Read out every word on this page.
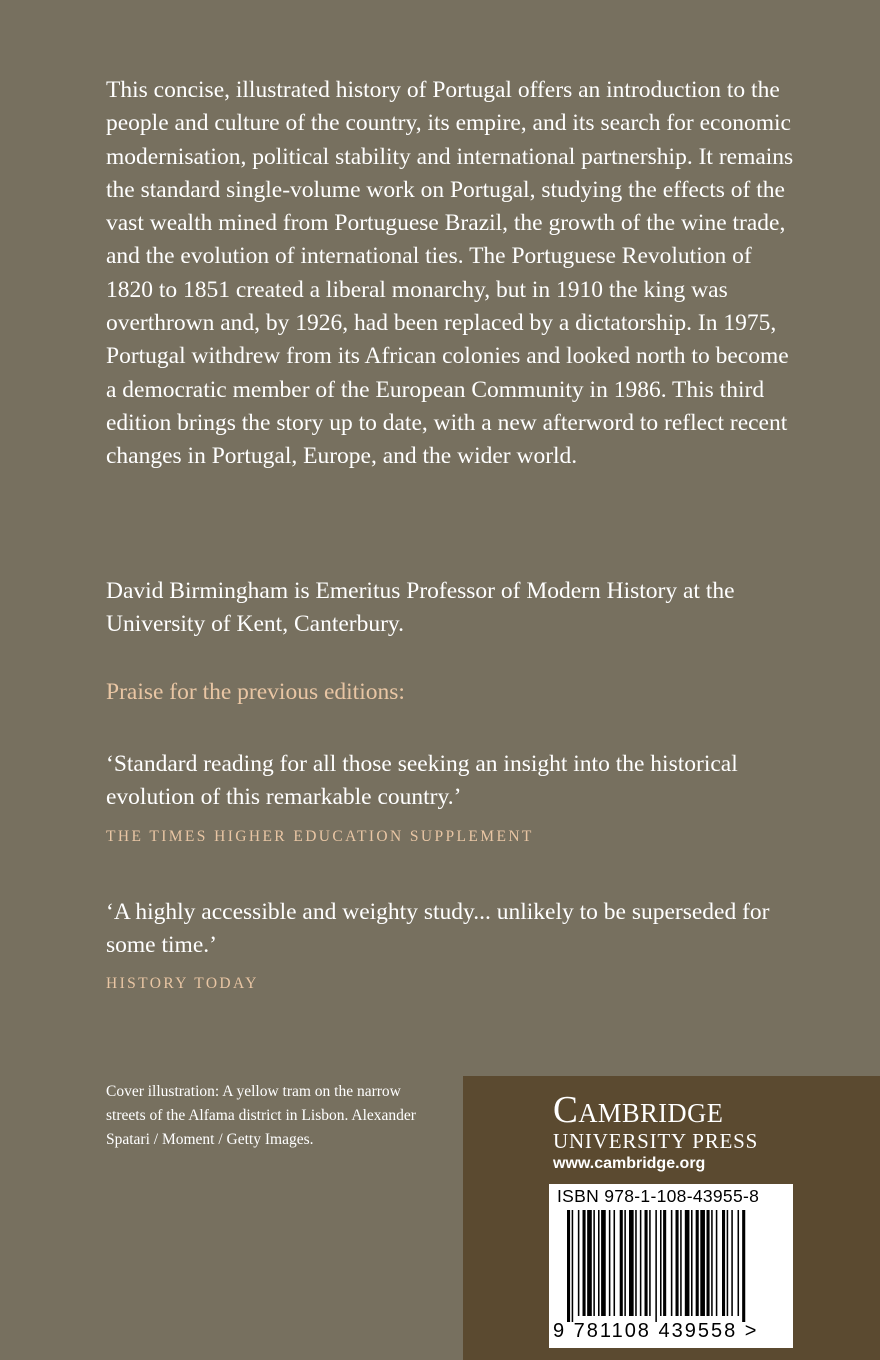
This concise, illustrated history of Portugal offers an introduction to the people and culture of the country, its empire, and its search for economic modernisation, political stability and international partnership. It remains the standard single-volume work on Portugal, studying the effects of the vast wealth mined from Portuguese Brazil, the growth of the wine trade, and the evolution of international ties. The Portuguese Revolution of 1820 to 1851 created a liberal monarchy, but in 1910 the king was overthrown and, by 1926, had been replaced by a dictatorship. In 1975, Portugal withdrew from its African colonies and looked north to become a democratic member of the European Community in 1986. This third edition brings the story up to date, with a new afterword to reflect recent changes in Portugal, Europe, and the wider world.

David Birmingham is Emeritus Professor of Modern History at the University of Kent, Canterbury.

Praise for the previous editions:

‘Standard reading for all those seeking an insight into the historical evolution of this remarkable country.’

THE TIMES HIGHER EDUCATION SUPPLEMENT

‘A highly accessible and weighty study... unlikely to be superseded for some time.’

HISTORY TODAY

Cover illustration: A yellow tram on the narrow streets of the Alfama district in Lisbon. Alexander Spatari / Moment / Getty Images.

Cambridge
UNIVERSITY PRESS
www.cambridge.org
ISBN 978-1-108-43955-8
9 781108 439558 >
